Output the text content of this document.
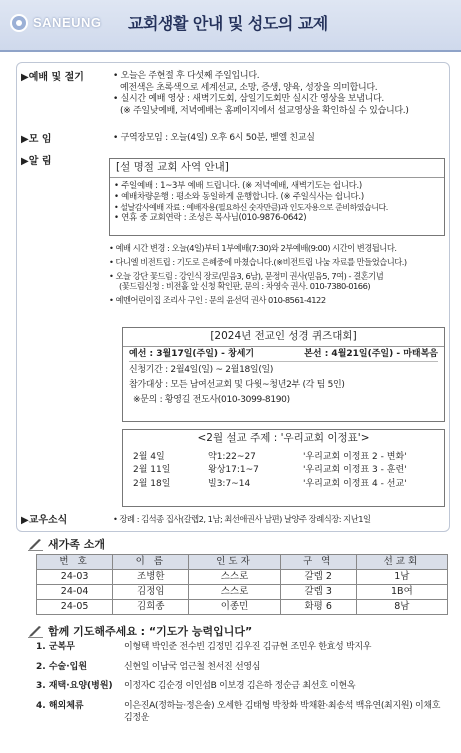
SANEUNG 교회생활 안내 및 성도의 교제
▶예배 및 절기	• 오늘은 주현절 후 다섯째 주일입니다.
예전색은 초록색으로 세계선교, 소망, 증생, 양육, 성장을 의미합니다.
• 실시간 예배 영상 : 새벽기도회, 삼일기도회만 실시간 영상을 보냅니다.
(※ 주일낮예배, 저녁예배는 홈페이지에서 설교영상을 확인하실 수 있습니다.)
▶모 임	• 구역장모임 : 오늘(4일) 오후 6시 50분, 벧엘 친교실
▶알 림	[설 명절 교회 사역 안내]
• 주일예배 : 1~3부 예배 드립니다. (※ 저녁예배, 새벽기도는 쉽니다.)
• 예배차량운행 : 평소와 동일하게 운행합니다. (※ 주일식사는 쉽니다.)
• 설날감사예배 자료 : 예배자용(필요하신 숫자만큼)과 인도자용으로 준비하였습니다.
• 연휴 중 교회연락 : 조성은 목사님(010-9876-0642)
• 예배 시간 변경 : 오늘(4일)부터 1부예배(7:30)와 2부예배(9:00) 시간이 변경됩니다.
• 다니엘 비전트립 : 기도로 은혜중에 마쳤습니다.(※비전트립 나눔 자료를 만들었습니다.)
• 오늘 강단 꽃드림 : 강인식 장로(믿음3, 6남), 문정미 권사(믿음5, 7여) - 결혼기념
(꽃드림신청 : 비전홀 앞 신청 확인판, 문의 : 차영숙 권사. 010-7380-0166)
• 예멘어린이집 조리사 구인 : 문의 윤선덕 권사 010-8561-4122
[2024년 전교인 성경 퀴즈대회]
예선 : 3월17일(주일) - 창세기	본선 : 4월21일(주일) - 마태복음
신청기간 : 2월4일(일) ~ 2월18일(일)
참가대상 : 모든 남여선교회 및 다윗~청년2부 (각 팀 5인)
※문의 : 황영길 전도사(010-3099-8190)
<2월 설교 주제 : '우리교회 이정표'>
2월 4일	약1:22~27	'우리교회 이정표 2 - 변화'
2월 11일	왕상17:1~7	'우리교회 이정표 3 - 훈련'
2월 18일	빌3:7~14	'우리교회 이정표 4 - 선교'
▶교우소식	• 장례 : 김석종 집사(갈렙2, 1남; 최선애권사 남편) 날양주 장례식장: 지난1일
새가족 소개
번 호	이 름	인도자	구 역	선교회
24-03	조병한	스스로	갈렙 2	1남
24-04	김정임	스스로	갈렙 3	1B여
24-05	김희종	이종민	화평 6	8남
함께 기도해주세요 : “기도가 능력입니다”
1. 군복무	이형택 박인준 전수빈 김정민 김우진 김규현 조민우 한효성 박지우
2. 수술·입원	신현일 이남국 엄근철 천서진 선영심
3. 재택·요양(병원)	이정자C 김순경 이인섭B 이보경 김은하 정순금 최선호 이현옥
4. 해외체류	이은진A(정하늘·정은솔) 오세한 김태형 박창화 박채환·최송석 백유연(최지원) 이채호 김정운
